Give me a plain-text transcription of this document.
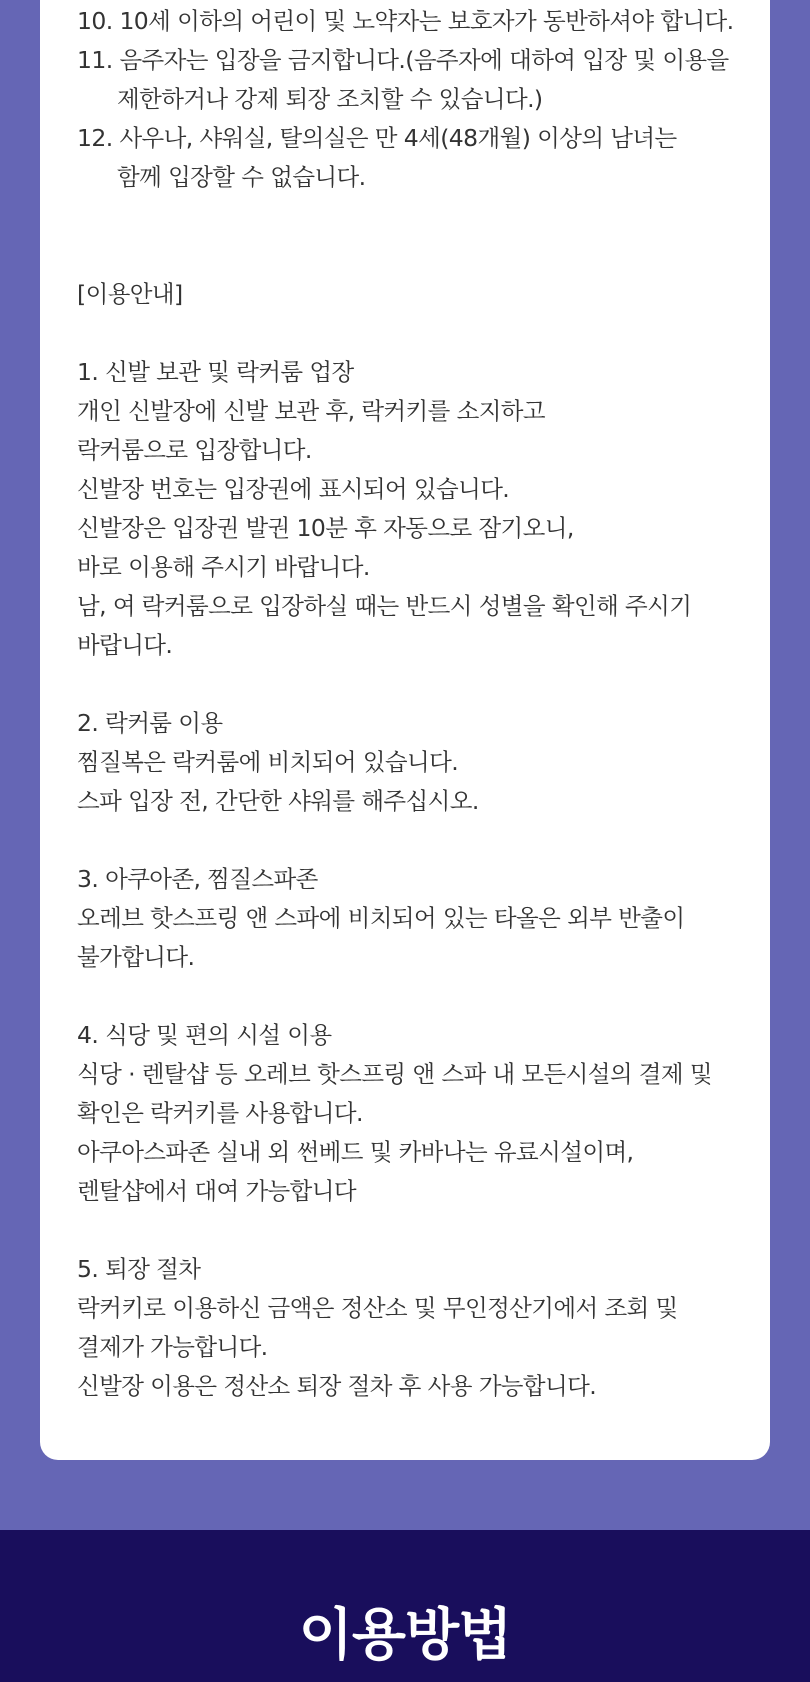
10. 10세 이하의 어린이 및 노약자는 보호자가 동반하셔야 합니다.
11. 음주자는 입장을 금지합니다.(음주자에 대하여 입장 및 이용을
제한하거나 강제 퇴장 조치할 수 있습니다.)
12. 사우나, 샤워실, 탈의실은 만 4세(48개월) 이상의 남녀는
함께 입장할 수 없습니다.
[이용안내]
1. 신발 보관 및 락커룸 업장
개인 신발장에 신발 보관 후, 락커키를 소지하고
락커룸으로 입장합니다.
신발장 번호는 입장권에 표시되어 있습니다.
신발장은 입장권 발권 10분 후 자동으로 잠기오니,
바로 이용해 주시기 바랍니다.
남, 여 락커룸으로 입장하실 때는 반드시 성별을 확인해 주시기
바랍니다.
2. 락커룸 이용
찜질복은 락커룸에 비치되어 있습니다.
스파 입장 전, 간단한 샤워를 해주십시오.
3. 아쿠아존, 찜질스파존
오레브 핫스프링 앤 스파에 비치되어 있는 타올은 외부 반출이
불가합니다.
4. 식당 및 편의 시설 이용
식당 · 렌탈샵 등 오레브 핫스프링 앤 스파 내 모든시설의 결제 및
확인은 락커키를 사용합니다.
아쿠아스파존 실내 외 썬베드 및 카바나는 유료시설이며,
렌탈샵에서 대여 가능합니다
5. 퇴장 절차
락커키로 이용하신 금액은 정산소 및 무인정산기에서 조회 및
결제가 가능합니다.
신발장 이용은 정산소 퇴장 절차 후 사용 가능합니다.
이용방법
